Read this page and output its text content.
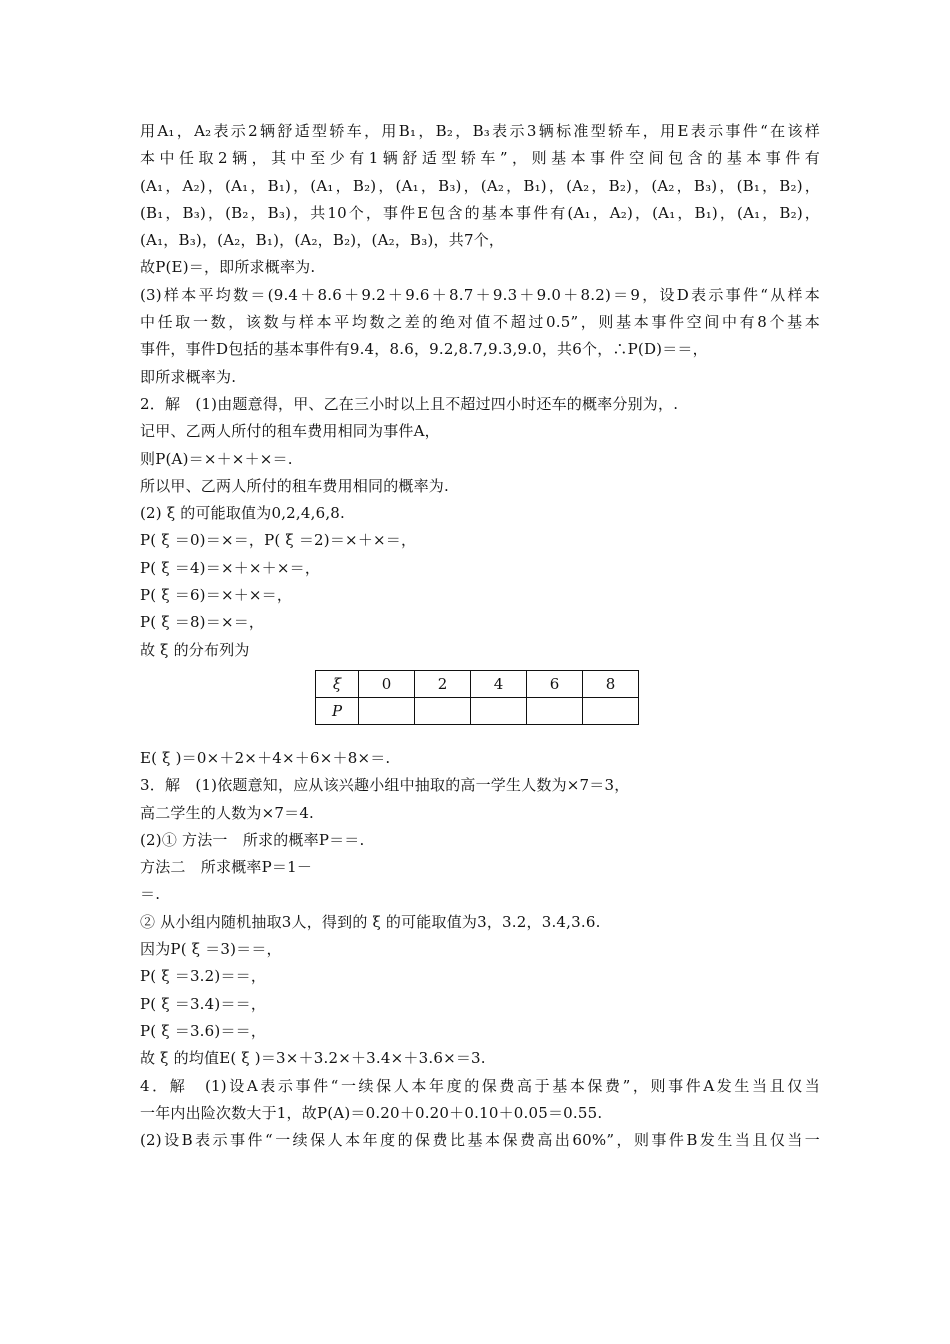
用A₁，A₂表示2辆舒适型轿车，用B₁，B₂，B₃表示3辆标准型轿车，用E表示事件“在该样
本中任取2辆，其中至少有1辆舒适型轿车”，则基本事件空间包含的基本事件有
(A₁，A₂)，(A₁，B₁)，(A₁，B₂)，(A₁，B₃)，(A₂，B₁)，(A₂，B₂)，(A₂，B₃)，(B₁，B₂)，
(B₁，B₃)，(B₂，B₃)，共10个，事件E包含的基本事件有(A₁，A₂)，(A₁，B₁)，(A₁，B₂)，
(A₁，B₃)，(A₂，B₁)，(A₂，B₂)，(A₂，B₃)，共7个，
故P(E)＝，即所求概率为.
(3)样本平均数＝(9.4＋8.6＋9.2＋9.6＋8.7＋9.3＋9.0＋8.2)＝9，设D表示事件“从样本
中任取一数，该数与样本平均数之差的绝对值不超过0.5”，则基本事件空间中有8个基本
事件，事件D包括的基本事件有9.4，8.6，9.2,8.7,9.3,9.0，共6个，∴P(D)＝＝，
即所求概率为.
2．解　(1)由题意得，甲、乙在三小时以上且不超过四小时还车的概率分别为，.
记甲、乙两人所付的租车费用相同为事件A，
则P(A)＝×＋×＋×＝.
所以甲、乙两人所付的租车费用相同的概率为.
(2) ξ 的可能取值为0,2,4,6,8.
P( ξ ＝0)＝×＝，P( ξ ＝2)＝×＋×＝，
P( ξ ＝4)＝×＋×＋×＝，
P( ξ ＝6)＝×＋×＝，
P( ξ ＝8)＝×＝，
故 ξ 的分布列为
ξ	0	2	4	6	8
P					
E( ξ )＝0×＋2×＋4×＋6×＋8×＝.
3．解　(1)依题意知，应从该兴趣小组中抽取的高一学生人数为×7＝3，
高二学生的人数为×7＝4.
(2)① 方法一　所求的概率P＝＝.
方法二　所求概率P＝1－
＝.
② 从小组内随机抽取3人，得到的 ξ 的可能取值为3，3.2，3.4,3.6.
因为P( ξ ＝3)＝＝，
P( ξ ＝3.2)＝＝，
P( ξ ＝3.4)＝＝，
P( ξ ＝3.6)＝＝，
故 ξ 的均值E( ξ )＝3×＋3.2×＋3.4×＋3.6×＝3.
4．解　(1)设A表示事件“一续保人本年度的保费高于基本保费”，则事件A发生当且仅当
一年内出险次数大于1，故P(A)＝0.20＋0.20＋0.10＋0.05＝0.55.
(2)设B表示事件“一续保人本年度的保费比基本保费高出60%”，则事件B发生当且仅当一
